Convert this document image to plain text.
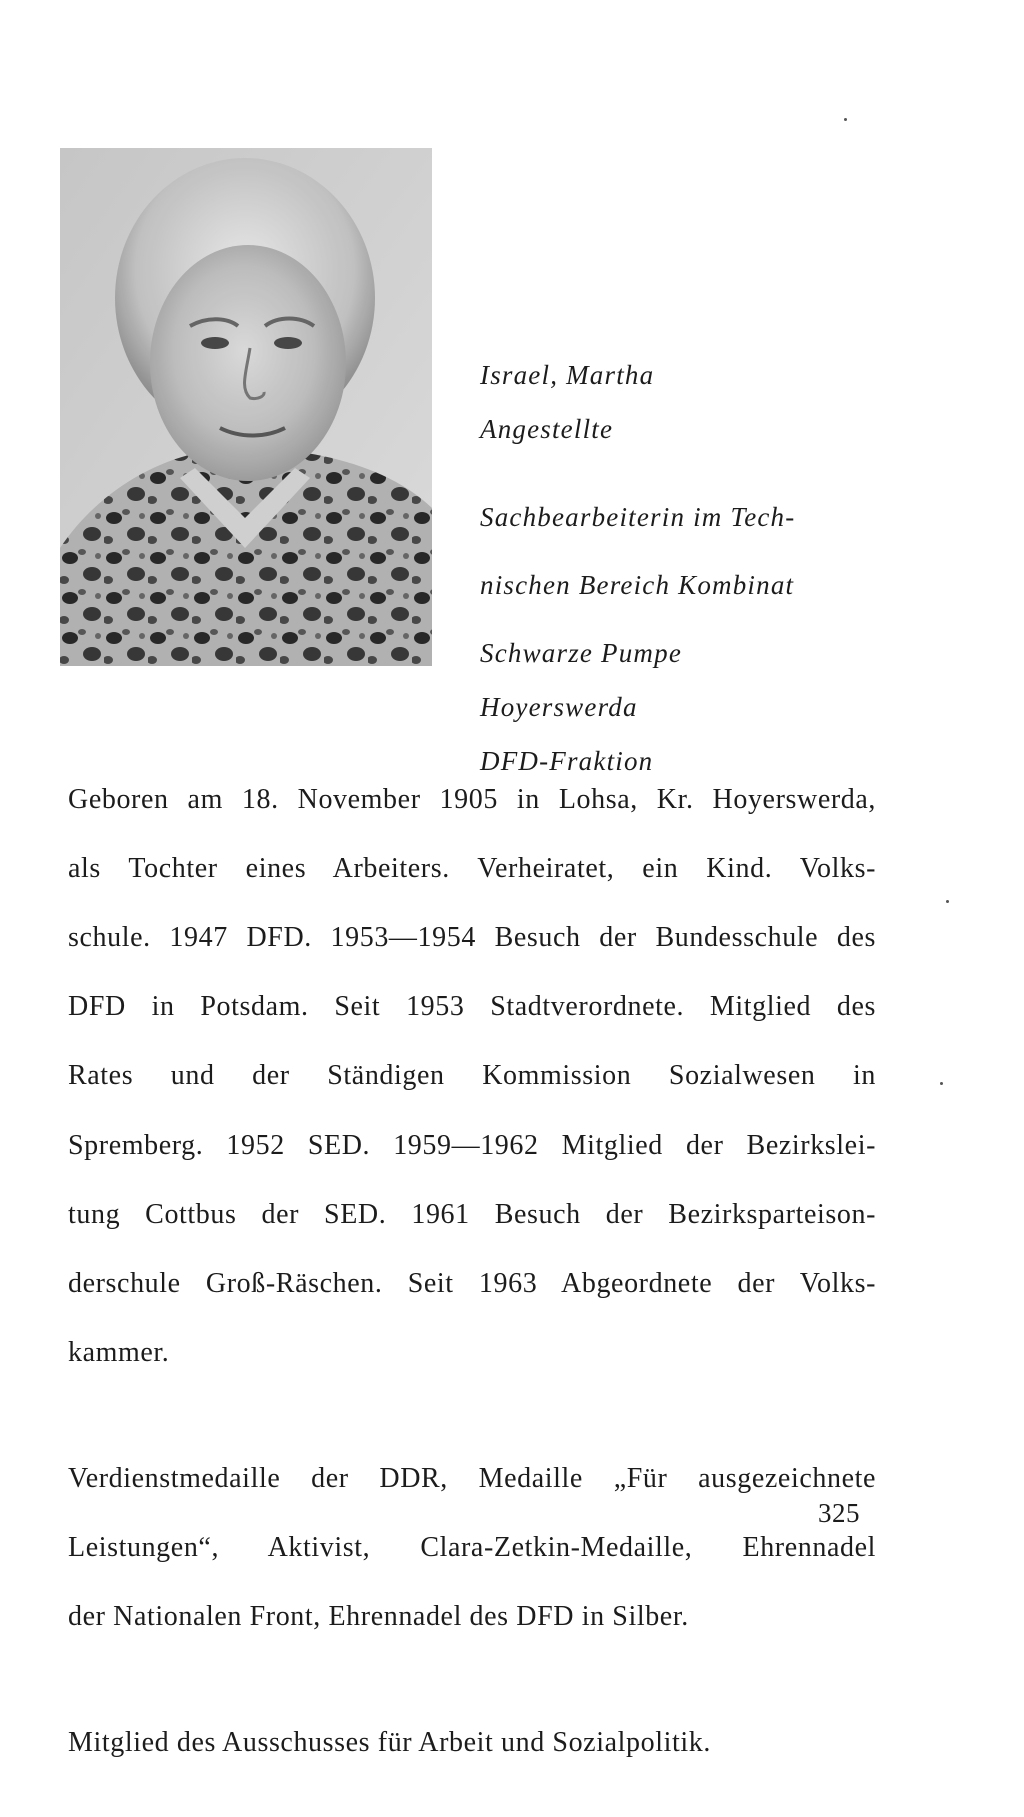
Israel, Martha
Angestellte

Sachbearbeiterin im Tech-

nischen Bereich Kombinat

Schwarze Pumpe

Hoyerswerda
DFD-Fraktion

Geboren am 18. November 1905 in Lohsa, Kr. Hoyerswerda,

als Tochter eines Arbeiters. Verheiratet, ein Kind. Volks-

schule. 1947 DFD. 1953—1954 Besuch der Bundesschule des

DFD in Potsdam. Seit 1953 Stadtverordnete. Mitglied des

Rates und der Ständigen Kommission Sozialwesen in

Spremberg. 1952 SED. 1959—1962 Mitglied der Bezirkslei-

tung Cottbus der SED. 1961 Besuch der Bezirksparteison-

derschule Groß-Räschen. Seit 1963 Abgeordnete der Volks-

kammer.

Verdienstmedaille der DDR, Medaille „Für ausgezeichnete

Leistungen“, Aktivist, Clara-Zetkin-Medaille, Ehrennadel

der Nationalen Front, Ehrennadel des DFD in Silber.

Mitglied des Ausschusses für Arbeit und Sozialpolitik.

325
